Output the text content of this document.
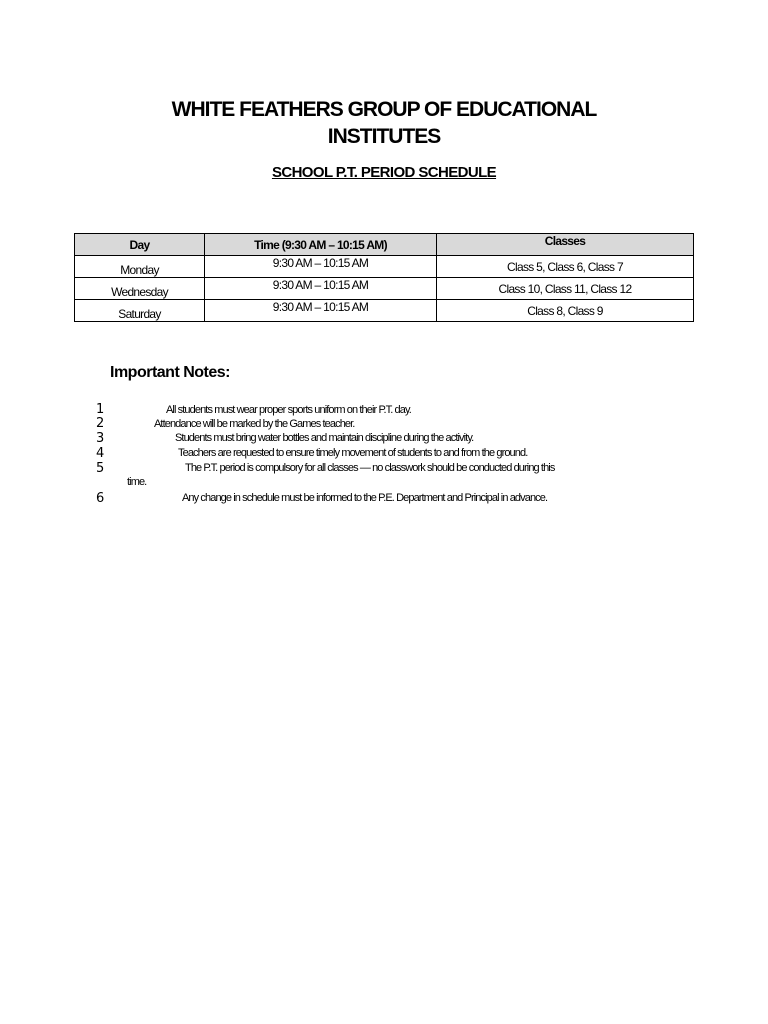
WHITE FEATHERS GROUP OF EDUCATIONAL
INSTITUTES
SCHOOL P.T. PERIOD SCHEDULE
Day	Time (9:30 AM – 10:15 AM)	Classes
Monday	9:30 AM – 10:15 AM	Class 5, Class 6, Class 7
Wednesday	9:30 AM – 10:15 AM	Class 10, Class 11, Class 12
Saturday	9:30 AM – 10:15 AM	Class 8, Class 9
Important Notes:
1	All students must wear proper sports uniform on their P.T. day.
2	Attendance will be marked by the Games teacher.
3	Students must bring water bottles and maintain discipline during the activity.
4	Teachers are requested to ensure timely movement of students to and from the ground.
5	The P.T. period is compulsory for all classes — no classwork should be conducted during this
time.
6	Any change in schedule must be informed to the P.E. Department and Principal in advance.
